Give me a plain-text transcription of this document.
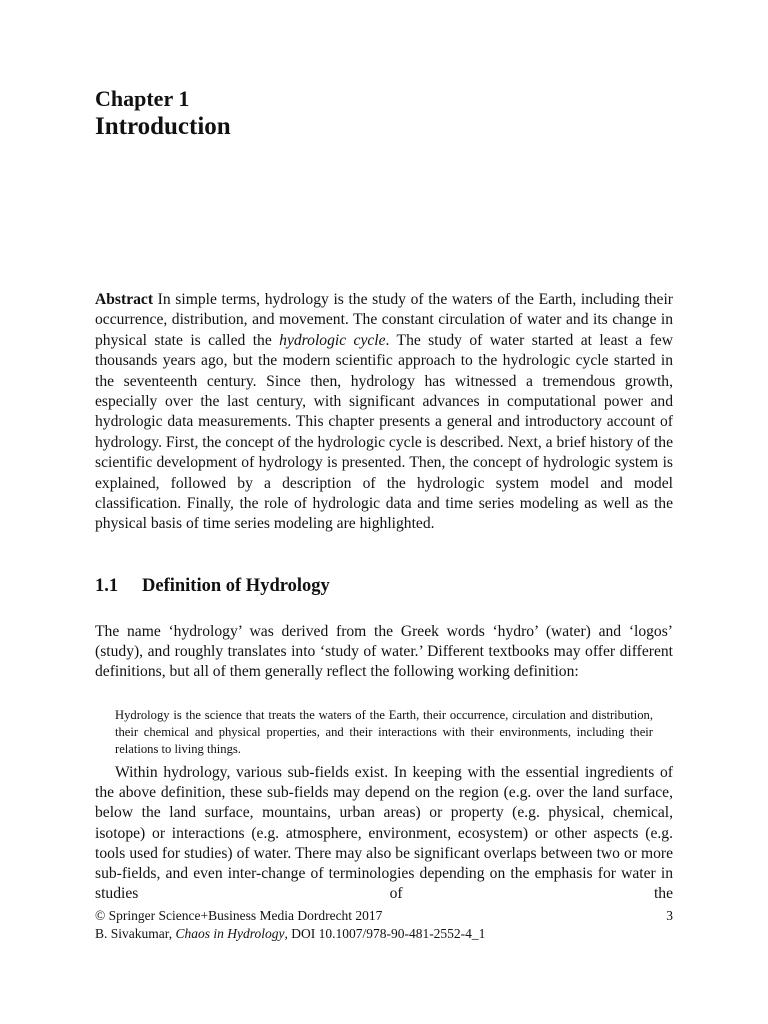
Chapter 1
Introduction
Abstract In simple terms, hydrology is the study of the waters of the Earth, including their occurrence, distribution, and movement. The constant circulation of water and its change in physical state is called the hydrologic cycle. The study of water started at least a few thousands years ago, but the modern scientific approach to the hydrologic cycle started in the seventeenth century. Since then, hydrology has witnessed a tremendous growth, especially over the last century, with significant advances in computational power and hydrologic data measurements. This chapter presents a general and introductory account of hydrology. First, the concept of the hydrologic cycle is described. Next, a brief history of the scientific development of hydrology is presented. Then, the concept of hydrologic system is explained, followed by a description of the hydrologic system model and model classification. Finally, the role of hydrologic data and time series modeling as well as the physical basis of time series modeling are highlighted.
1.1 Definition of Hydrology
The name ‘hydrology’ was derived from the Greek words ‘hydro’ (water) and ‘logos’ (study), and roughly translates into ‘study of water.’ Different textbooks may offer different definitions, but all of them generally reflect the following working definition:
Hydrology is the science that treats the waters of the Earth, their occurrence, circulation and distribution, their chemical and physical properties, and their interactions with their environments, including their relations to living things.
Within hydrology, various sub-fields exist. In keeping with the essential ingredients of the above definition, these sub-fields may depend on the region (e.g. over the land surface, below the land surface, mountains, urban areas) or property (e.g. physical, chemical, isotope) or interactions (e.g. atmosphere, environment, ecosystem) or other aspects (e.g. tools used for studies) of water. There may also be significant overlaps between two or more sub-fields, and even inter-change of terminologies depending on the emphasis for water in studies of the
© Springer Science+Business Media Dordrecht 2017	3
B. Sivakumar, Chaos in Hydrology, DOI 10.1007/978-90-481-2552-4_1
